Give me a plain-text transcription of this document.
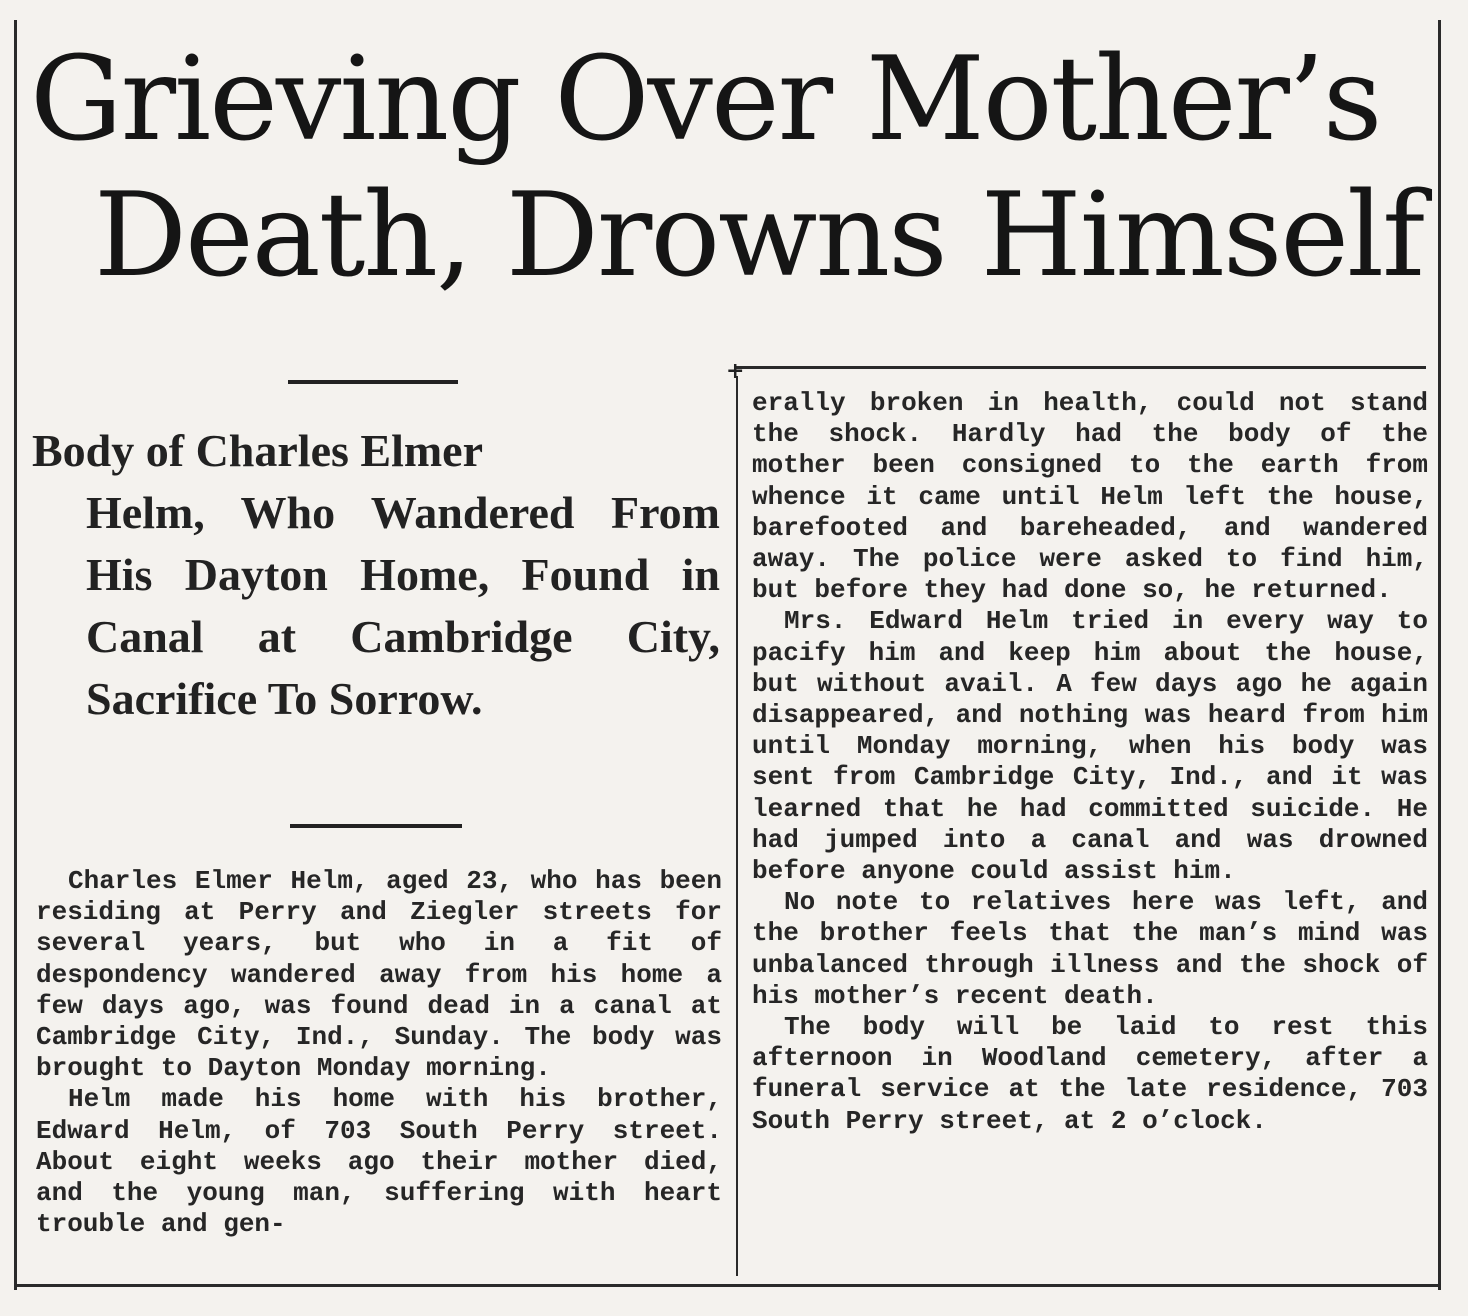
+
Grieving Over Mother’s
Death, Drowns Himself
Body of Charles Elmer
Helm, Who Wandered From His Dayton Home, Found in Canal at Cambridge City, Sacrifice To Sorrow.

Charles Elmer Helm, aged 23, who has been residing at Perry and Ziegler streets for several years, but who in a fit of despondency wandered away from his home a few days ago, was found dead in a canal at Cambridge City, Ind., Sunday. The body was brought to Dayton Monday morning.

Helm made his home with his brother, Edward Helm, of 703 South Perry street. About eight weeks ago their mother died, and the young man, suffering with heart trouble and gen-

erally broken in health, could not stand the shock. Hardly had the body of the mother been consigned to the earth from whence it came until Helm left the house, barefooted and bareheaded, and wandered away. The police were asked to find him, but before they had done so, he returned.

Mrs. Edward Helm tried in every way to pacify him and keep him about the house, but without avail. A few days ago he again disappeared, and nothing was heard from him until Monday morning, when his body was sent from Cambridge City, Ind., and it was learned that he had committed suicide. He had jumped into a canal and was drowned before anyone could assist him.

No note to relatives here was left, and the brother feels that the man’s mind was unbalanced through illness and the shock of his mother’s recent death.

The body will be laid to rest this afternoon in Woodland cemetery, after a funeral service at the late residence, 703 South Perry street, at 2 o’clock.
